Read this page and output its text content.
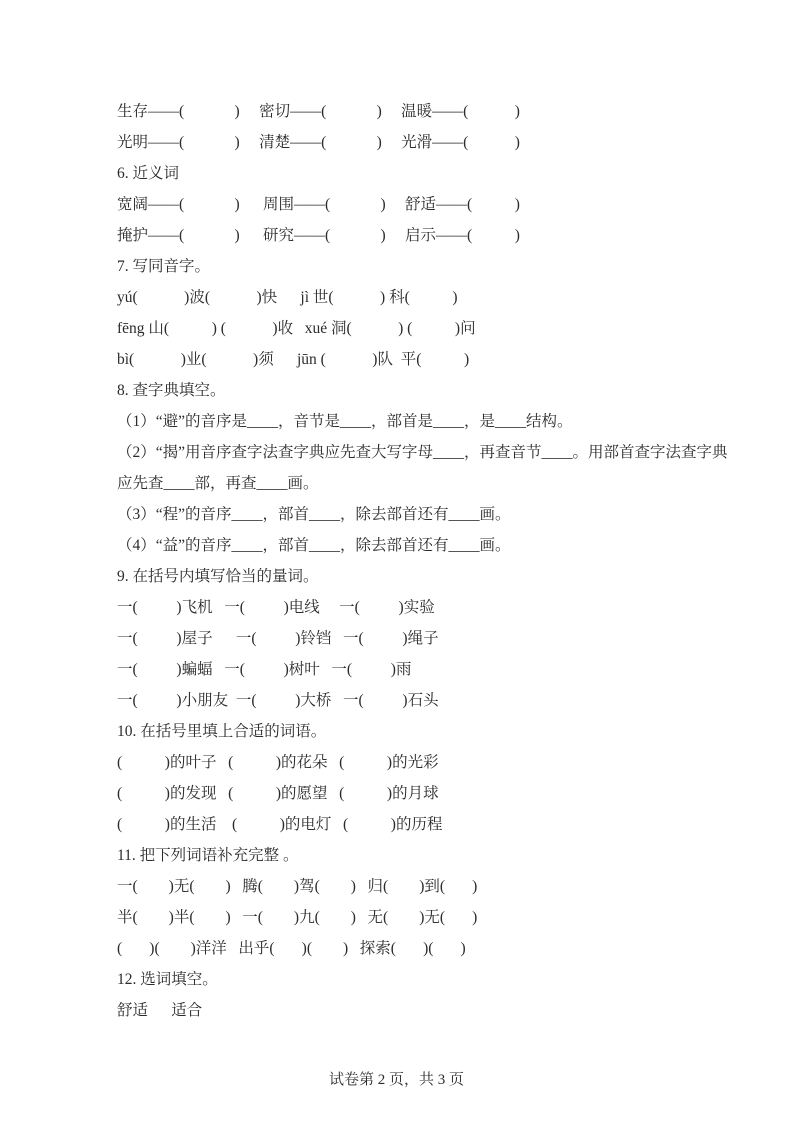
生存——(             )     密切——(             )     温暖——(            )

光明——(             )     清楚——(             )     光滑——(            )

6. 近义词

宽阔——(             )      周围——(             )     舒适——(           )

掩护——(             )      研究——(             )     启示——(           )

7. 写同音字。

yú(            )波(            )快      jì 世(            ) 科(           )

fēng 山(           ) (            )收   xué 洞(            ) (           )问

bì(            )业(            )须      jūn (            )队  平(           )

8. 查字典填空。

（1）“避”的音序是____，音节是____，部首是____，是____结构。

（2）“揭”用音序查字法查字典应先查大写字母____，再查音节____。用部首查字法查字典

应先查____部，再查____画。

（3）“程”的音序____，部首____，除去部首还有____画。

（4）“益”的音序____，部首____，除去部首还有____画。

9. 在括号内填写恰当的量词。

一(          )飞机   一(          )电线     一(          )实验

一(          )屋子      一(          )铃铛   一(          )绳子

一(          )蝙蝠   一(          )树叶   一(          )雨

一(          )小朋友  一(          )大桥   一(          )石头

10. 在括号里填上合适的词语。

(           )的叶子   (           )的花朵   (           )的光彩

(           )的发现   (           )的愿望   (           )的月球

(           )的生活    (           )的电灯   (           )的历程

11. 把下列词语补充完整 。

一(        )无(        )   腾(        )驾(        )   归(        )到(       )

半(        )半(        )   一(        )九(        )   无(        )无(       )

(       )(        )洋洋   出乎(       )(        )   探索(       )(       )

12. 选词填空。

舒适      适合

试卷第 2 页，共 3 页
